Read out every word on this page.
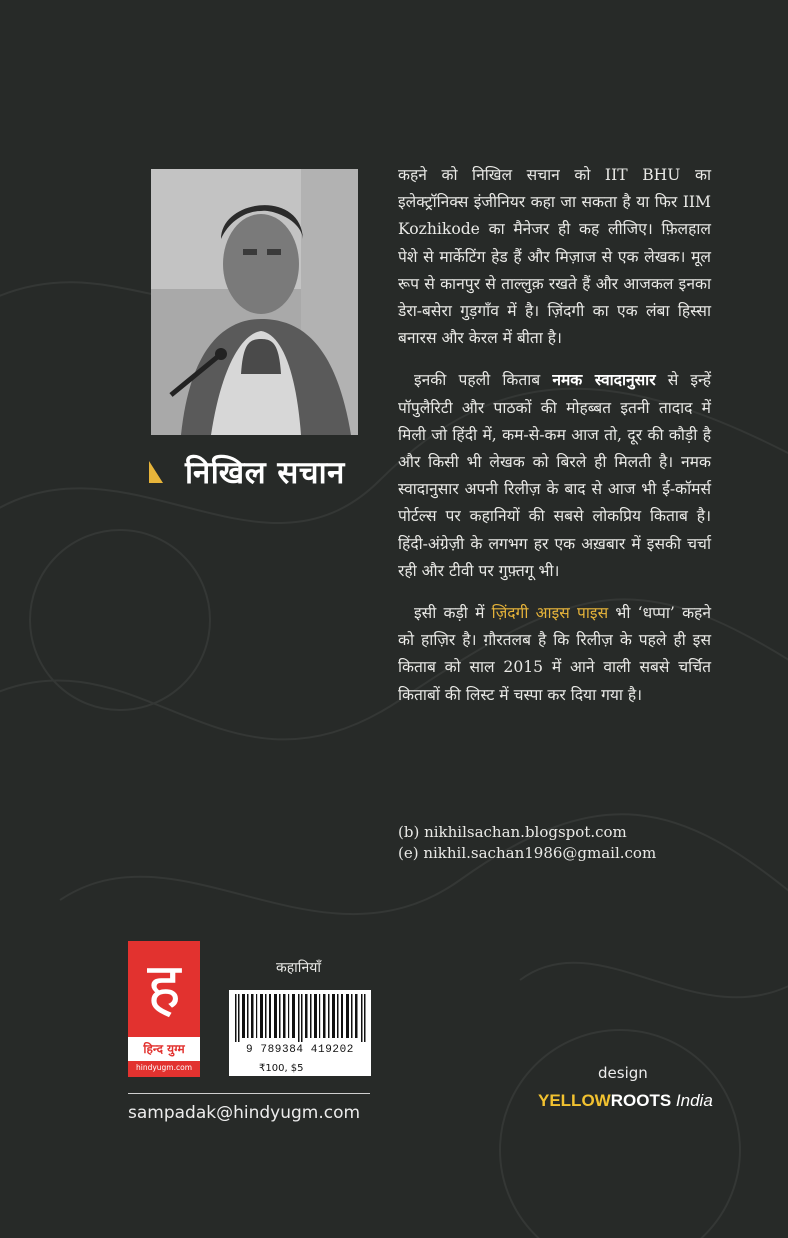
निखिल सचान

कहने को निखिल सचान को IIT BHU का इलेक्ट्रॉनिक्स इंजीनियर कहा जा सकता है या फिर IIM Kozhikode का मैनेजर ही कह लीजिए। फ़िलहाल पेशे से मार्केटिंग हेड हैं और मिज़ाज से एक लेखक। मूल रूप से कानपुर से ताल्लुक़ रखते हैं और आजकल इनका डेरा-बसेरा गुड़गाँव में है। ज़िंदगी का एक लंबा हिस्सा बनारस और केरल में बीता है।

इनकी पहली किताब नमक स्वादानुसार से इन्हें पॉपुलैरिटी और पाठकों की मोहब्बत इतनी तादाद में मिली जो हिंदी में, कम-से-कम आज तो, दूर की कौड़ी है और किसी भी लेखक को बिरले ही मिलती है। नमक स्वादानुसार अपनी रिलीज़ के बाद से आज भी ई-कॉमर्स पोर्टल्स पर कहानियों की सबसे लोकप्रिय किताब है। हिंदी-अंग्रेज़ी के लगभग हर एक अख़बार में इसकी चर्चा रही और टीवी पर गुफ़्तगू भी।

इसी कड़ी में ज़िंदगी आइस पाइस भी ‘धप्पा’ कहने को हाज़िर है। ग़ौरतलब है कि रिलीज़ के पहले ही इस किताब को साल 2015 में आने वाली सबसे चर्चित किताबों की लिस्ट में चस्पा कर दिया गया है।

(b) nikhilsachan.blogspot.com
(e) nikhil.sachan1986@gmail.com
ह
हिन्द युग्म
hindyugm.com
कहानियाँ
9 789384 419202
₹100, $5
sampadak@hindyugm.com
design
YELLOWROOTS India
